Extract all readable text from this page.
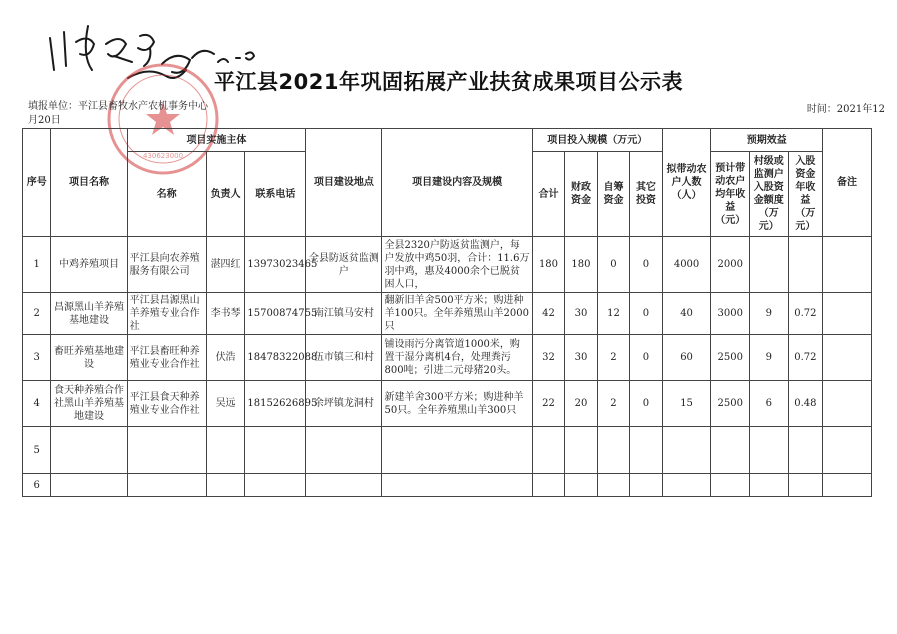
430623000
平江县2021年巩固拓展产业扶贫成果项目公示表
填报单位：平江县畜牧水产农机事务中心
月20日
时间：2021年12
序号	项目名称	项目实施主体			项目建设地点	项目建设内容及规模	项目投入规模（万元）				拟带动农户人数（人）	预期效益			备注
		名称	负责人	联系电话			合计	财政资金	自筹资金	其它投资		预计带动农户均年收益（元）	村级或监测户入股资金额度（万元）	入股资金年收益（万元）	
1	中鸡养殖项目	平江县向农养殖服务有限公司	湛四红	13973023465	全县防返贫监测户	全县2320户防返贫监测户，每户发放中鸡50羽，合计：11.6万羽中鸡，惠及4000余个已脱贫困人口，	180	180	0	0	4000	2000			
2	昌源黑山羊养殖基地建设	平江县昌源黑山羊养殖专业合作社	李书琴	15700874755	南江镇马安村	翻新旧羊舍500平方米；购进种羊100只。全年养殖黑山羊2000只	42	30	12	0	40	3000	9	0.72	
3	畜旺养殖基地建设	平江县畜旺种养殖业专业合作社	伏浩	18478322088	伍市镇三和村	铺设雨污分离管道1000米，购置干湿分离机4台，处理粪污800吨；引进二元母猪20头。	32	30	2	0	60	2500	9	0.72	
4	食天种养殖合作社黑山羊养殖基地建设	平江县食天种养殖业专业合作社	吴远	18152626895	余坪镇龙洞村	新建羊舍300平方米；购进种羊50只。全年养殖黑山羊300只	22	20	2	0	15	2500	6	0.48	
5															
6															
